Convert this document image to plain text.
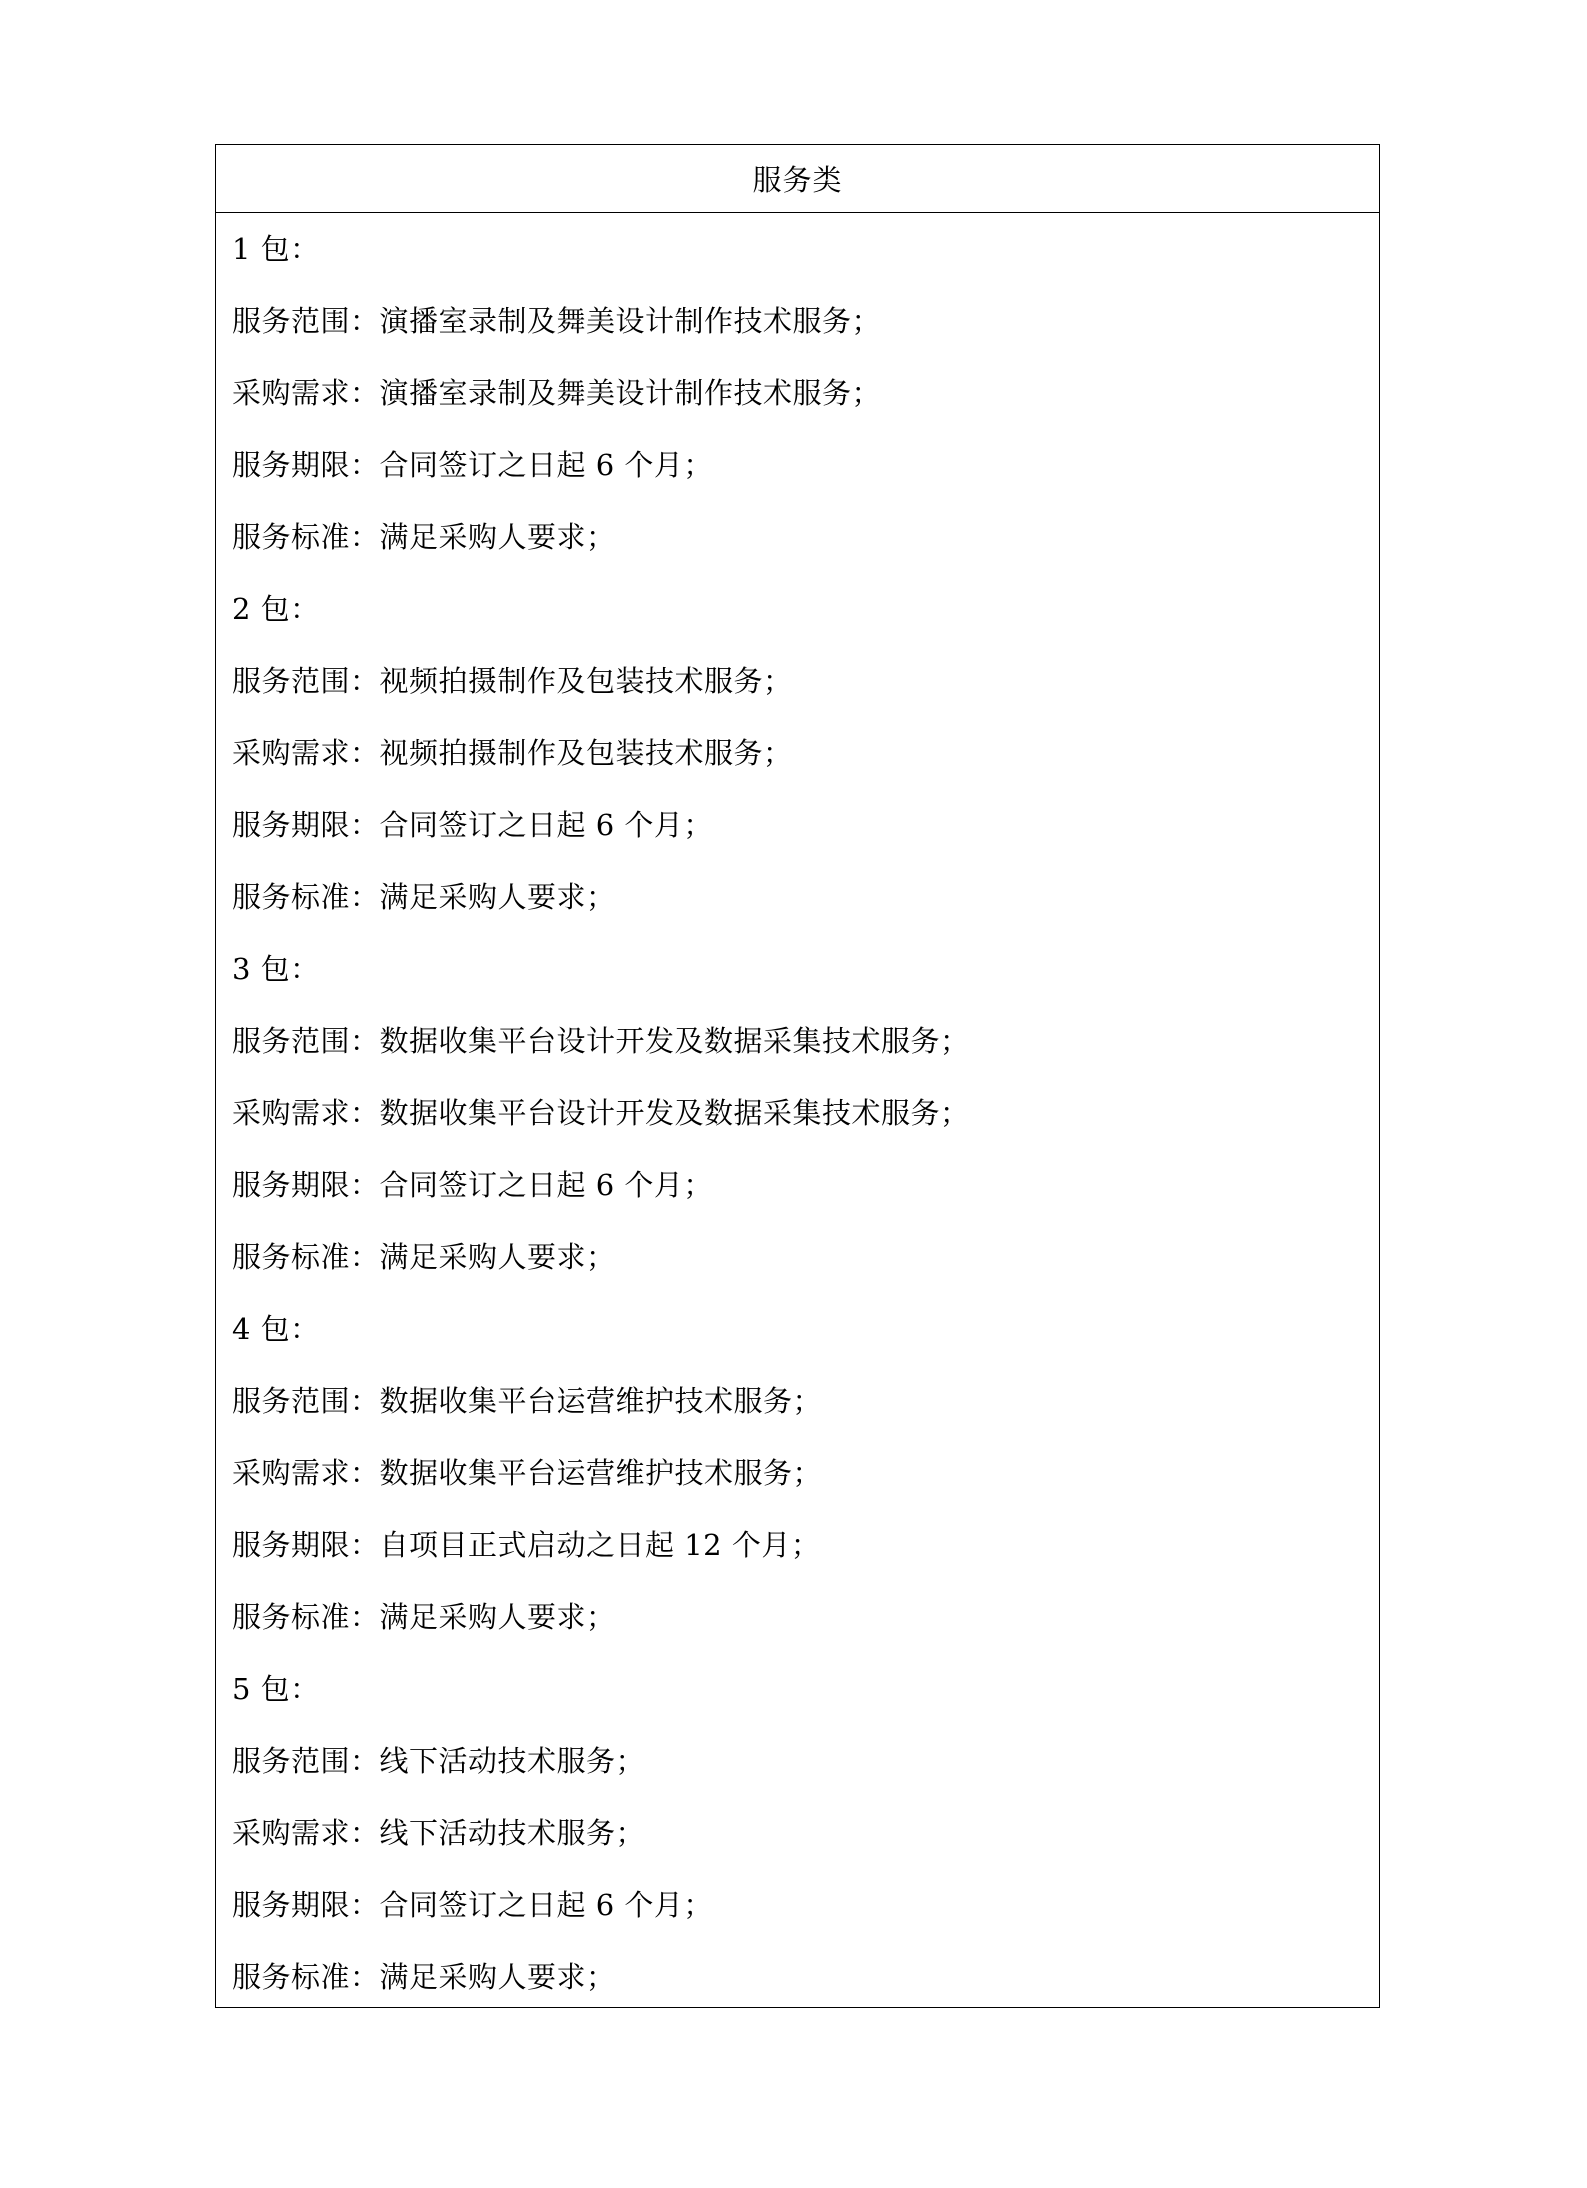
服务类
1 包：
服务范围：演播室录制及舞美设计制作技术服务；
采购需求：演播室录制及舞美设计制作技术服务；
服务期限：合同签订之日起 6 个月；
服务标准：满足采购人要求；
2 包：
服务范围：视频拍摄制作及包装技术服务；
采购需求：视频拍摄制作及包装技术服务；
服务期限：合同签订之日起 6 个月；
服务标准：满足采购人要求；
3 包：
服务范围：数据收集平台设计开发及数据采集技术服务；
采购需求：数据收集平台设计开发及数据采集技术服务；
服务期限：合同签订之日起 6 个月；
服务标准：满足采购人要求；
4 包：
服务范围：数据收集平台运营维护技术服务；
采购需求：数据收集平台运营维护技术服务；
服务期限：自项目正式启动之日起 12 个月；
服务标准：满足采购人要求；
5 包：
服务范围：线下活动技术服务；
采购需求：线下活动技术服务；
服务期限：合同签订之日起 6 个月；
服务标准：满足采购人要求；
